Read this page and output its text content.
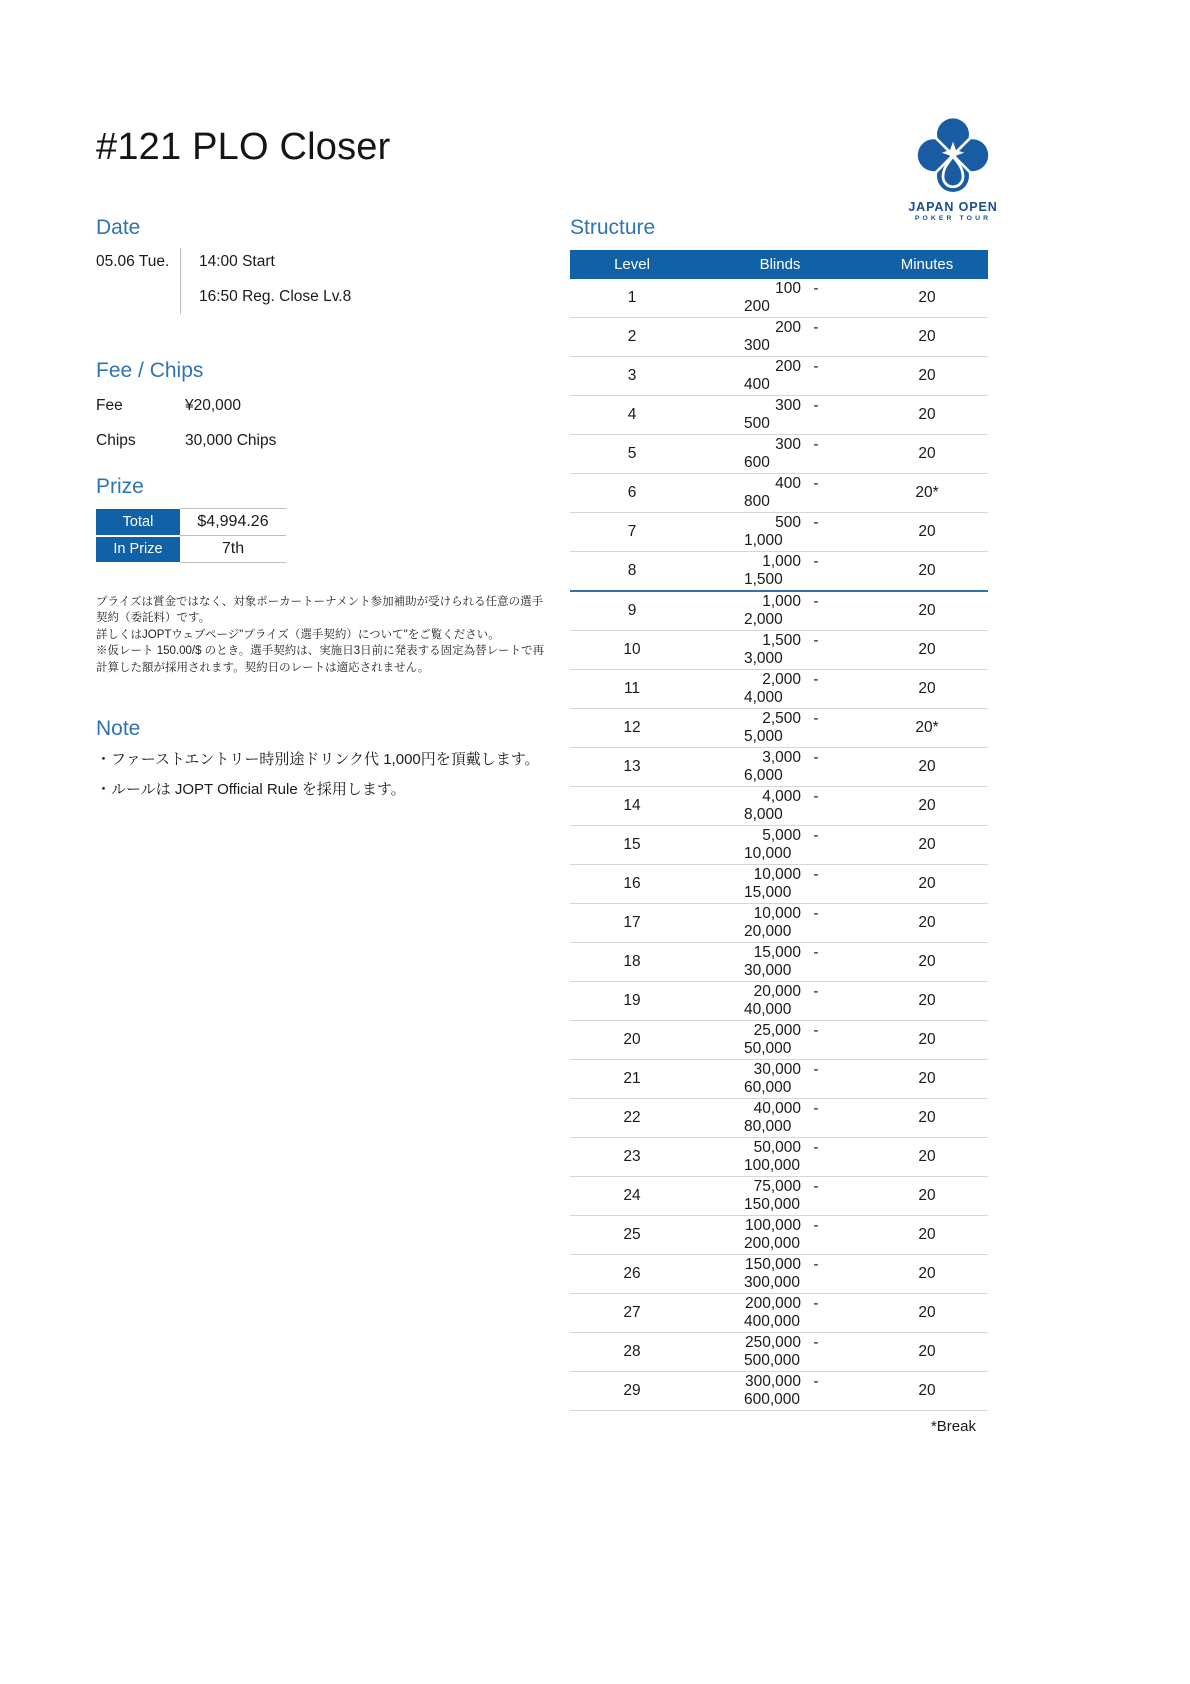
#121 PLO Closer
JAPAN OPEN
POKER TOUR
Date
05.06 Tue.	14:00 Start
16:50 Reg. Close Lv.8
Fee / Chips
Fee	¥20,000
Chips	30,000 Chips
Prize
Total	$4,994.26
In Prize	7th

プライズは賞金ではなく、対象ポーカートーナメント参加補助が受けられる任意の選手契約（委託料）です。

詳しくはJOPTウェブページ"プライズ（選手契約）について"をご覧ください。

※仮レート 150.00/$ のとき。選手契約は、実施日3日前に発表する固定為替レートで再計算した額が採用されます。契約日のレートは適応されません。

Note

・ファーストエントリー時別途ドリンク代 1,000円を頂戴します。

・ルールは JOPT Official Rule を採用します。

Structure
Level	Blinds	Minutes
1	100 -200	20
2	200 -300	20
3	200 -400	20
4	300 -500	20
5	300 -600	20
6	400 -800	20*
7	500 -1,000	20
8	1,000 -1,500	20
9	1,000 -2,000	20
10	1,500 -3,000	20
11	2,000 -4,000	20
12	2,500 -5,000	20*
13	3,000 -6,000	20
14	4,000 -8,000	20
15	5,000 -10,000	20
16	10,000 -15,000	20
17	10,000 -20,000	20
18	15,000 -30,000	20
19	20,000 -40,000	20
20	25,000 -50,000	20
21	30,000 -60,000	20
22	40,000 -80,000	20
23	50,000 -100,000	20
24	75,000 -150,000	20
25	100,000 -200,000	20
26	150,000 -300,000	20
27	200,000 -400,000	20
28	250,000 -500,000	20
29	300,000 -600,000	20
*Break
